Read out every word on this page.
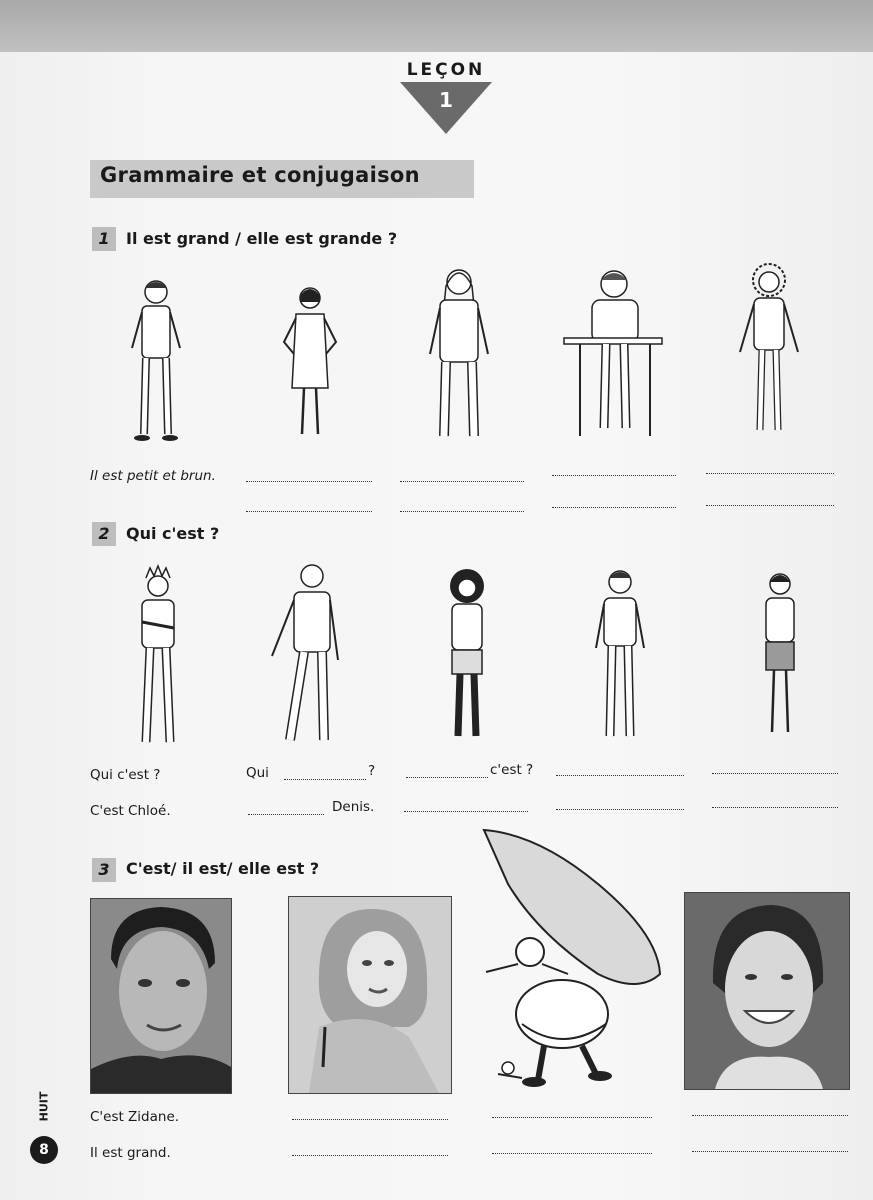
LEÇON
1
Grammaire et conjugaison
1	Il est grand / elle est grande ?
Il est petit et brun.
2	Qui c'est ?
Qui c'est ?	Qui	?	c'est ?
C'est Chloé.	Denis.
3	C'est/ il est/ elle est ?
C'est Zidane.
Il est grand.
HUIT
8
